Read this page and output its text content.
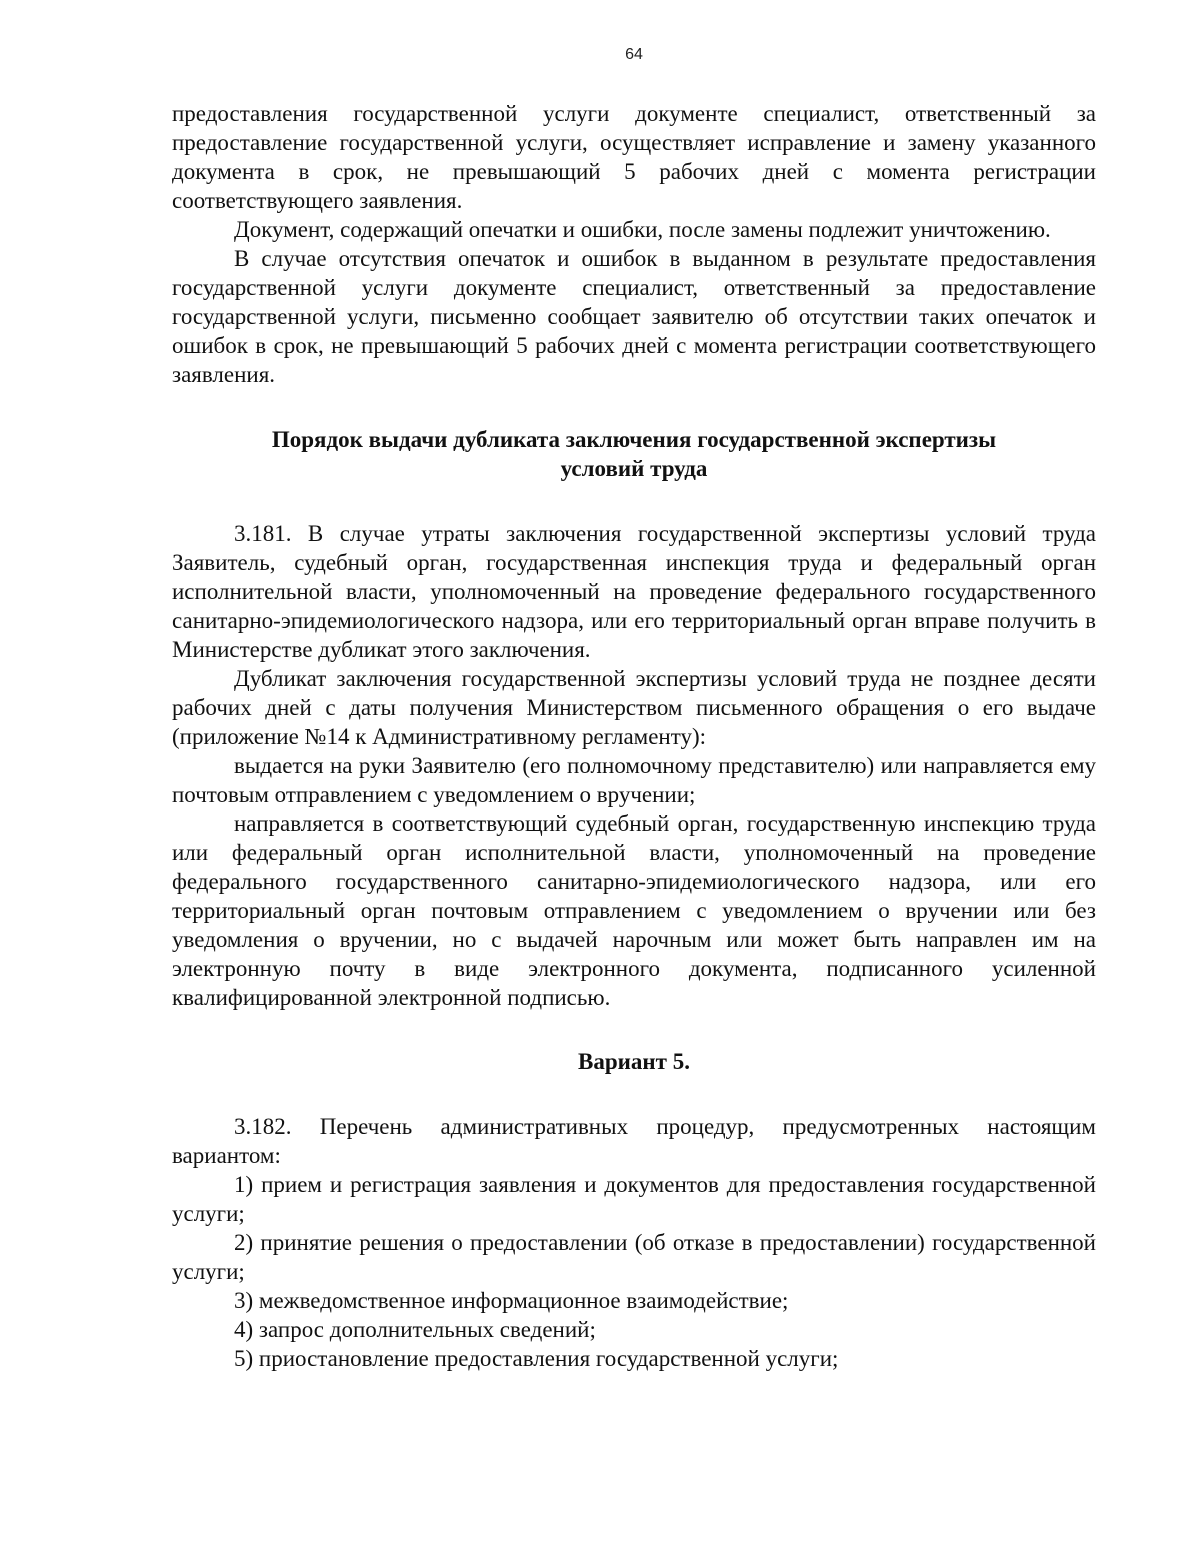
64

предоставления государственной услуги документе специалист, ответственный за предоставление государственной услуги, осуществляет исправление и замену указанного документа в срок, не превышающий 5 рабочих дней с момента регистрации соответствующего заявления.

Документ, содержащий опечатки и ошибки, после замены подлежит уничтожению.

В случае отсутствия опечаток и ошибок в выданном в результате предоставления государственной услуги документе специалист, ответственный за предоставление государственной услуги, письменно сообщает заявителю об отсутствии таких опечаток и ошибок в срок, не превышающий 5 рабочих дней с момента регистрации соответствующего заявления.

Порядок выдачи дубликата заключения государственной экспертизы
условий труда

3.181. В случае утраты заключения государственной экспертизы условий труда Заявитель, судебный орган, государственная инспекция труда и федеральный орган исполнительной власти, уполномоченный на проведение федерального государственного санитарно-эпидемиологического надзора, или его территориальный орган вправе получить в Министерстве дубликат этого заключения.

Дубликат заключения государственной экспертизы условий труда не позднее десяти рабочих дней с даты получения Министерством письменного обращения о его выдаче (приложение №14 к Административному регламенту):

выдается на руки Заявителю (его полномочному представителю) или направляется ему почтовым отправлением с уведомлением о вручении;

направляется в соответствующий судебный орган, государственную инспекцию труда или федеральный орган исполнительной власти, уполномоченный на проведение федерального государственного санитарно-эпидемиологического надзора, или его территориальный орган почтовым отправлением с уведомлением о вручении или без уведомления о вручении, но с выдачей нарочным или может быть направлен им на электронную почту в виде электронного документа, подписанного усиленной квалифицированной электронной подписью.

Вариант 5.

3.182. Перечень административных процедур, предусмотренных настоящим вариантом:

1) прием и регистрация заявления и документов для предоставления государственной услуги;

2) принятие решения о предоставлении (об отказе в предоставлении) государственной услуги;

3) межведомственное информационное взаимодействие;

4) запрос дополнительных сведений;

5) приостановление предоставления государственной услуги;
